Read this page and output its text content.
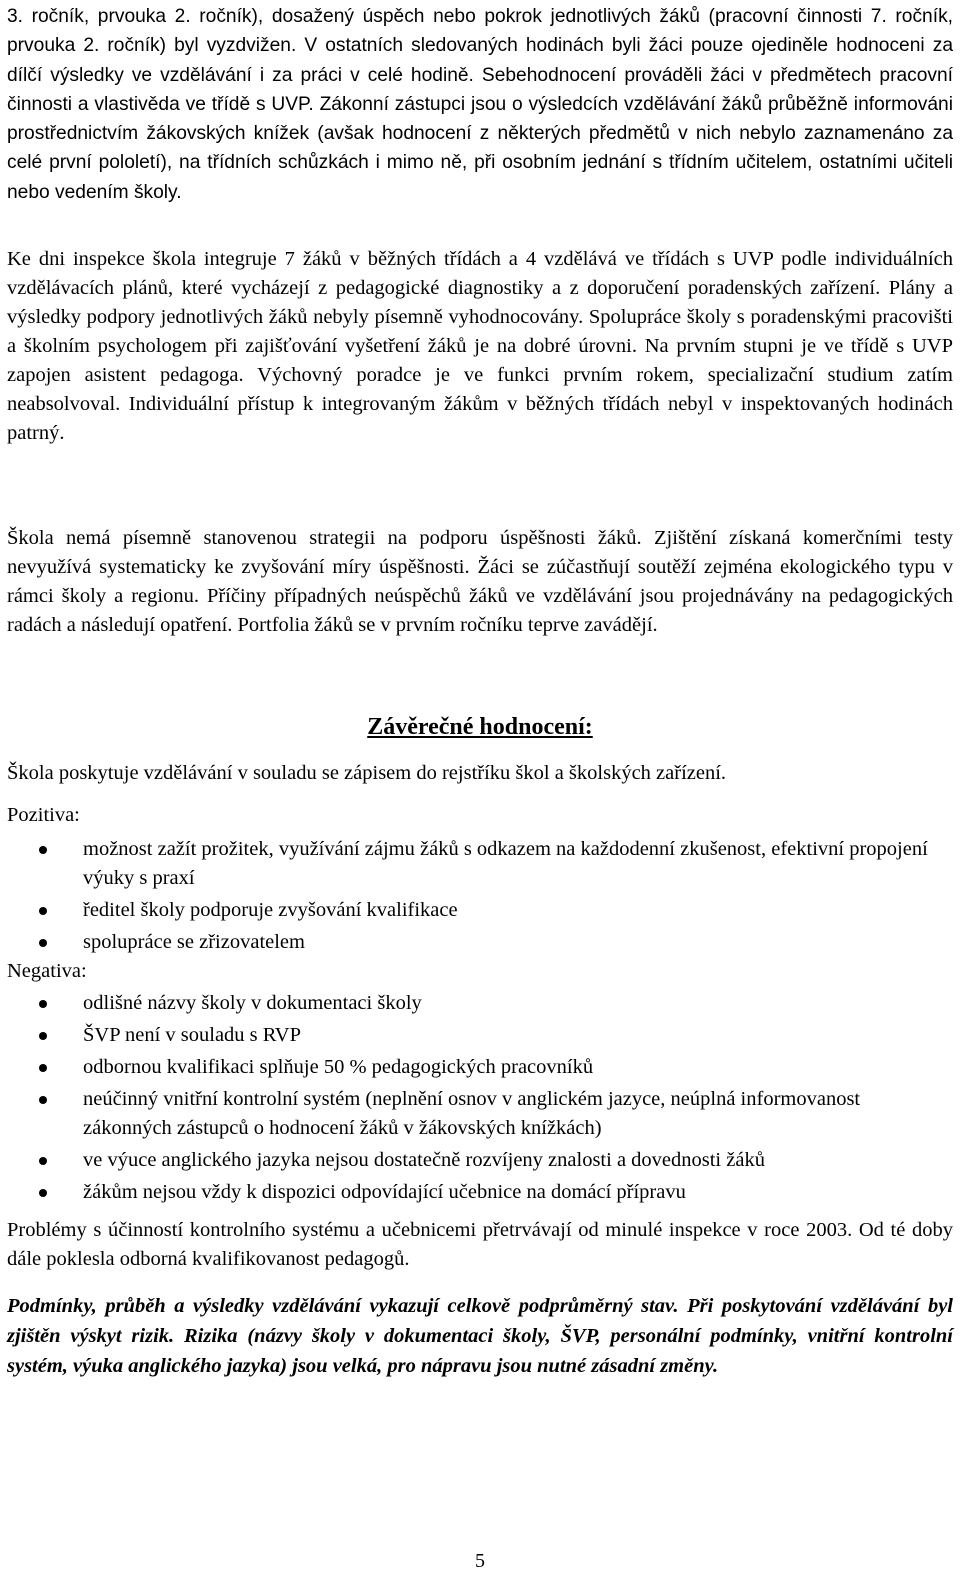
3. ročník, prvouka 2. ročník), dosažený úspěch nebo pokrok jednotlivých žáků (pracovní činnosti 7. ročník, prvouka 2. ročník) byl vyzdvižen. V ostatních sledovaných hodinách byli žáci pouze ojediněle hodnoceni za dílčí výsledky ve vzdělávání i za práci v celé hodině. Sebehodnocení prováděli žáci v předmětech pracovní činnosti a vlastivěda ve třídě s UVP. Zákonní zástupci jsou o výsledcích vzdělávání žáků průběžně informováni prostřednictvím žákovských knížek (avšak hodnocení z některých předmětů v nich nebylo zaznamenáno za celé první pololetí), na třídních schůzkách i mimo ně, při osobním jednání s třídním učitelem, ostatními učiteli nebo vedením školy.

Ke dni inspekce škola integruje 7 žáků v běžných třídách a 4 vzdělává ve třídách s UVP podle individuálních vzdělávacích plánů, které vycházejí z pedagogické diagnostiky a z doporučení poradenských zařízení. Plány a výsledky podpory jednotlivých žáků nebyly písemně vyhodnocovány. Spolupráce školy s poradenskými pracovišti a školním psychologem při zajišťování vyšetření žáků je na dobré úrovni. Na prvním stupni je ve třídě s UVP zapojen asistent pedagoga. Výchovný poradce je ve funkci prvním rokem, specializační studium zatím neabsolvoval. Individuální přístup k integrovaným žákům v běžných třídách nebyl v inspektovaných hodinách patrný.

Škola nemá písemně stanovenou strategii na podporu úspěšnosti žáků. Zjištění získaná komerčními testy nevyužívá systematicky ke zvyšování míry úspěšnosti. Žáci se zúčastňují soutěží zejména ekologického typu v rámci školy a regionu. Příčiny případných neúspěchů žáků ve vzdělávání jsou projednávány na pedagogických radách a následují opatření. Portfolia žáků se v prvním ročníku teprve zavádějí.

Závěrečné hodnocení:

Škola poskytuje vzdělávání v souladu se zápisem do rejstříku škol a školských zařízení.

Pozitiva:
možnost zažít prožitek, využívání zájmu žáků s odkazem na každodenní zkušenost, efektivní propojení výuky s praxí
ředitel školy podporuje zvyšování kvalifikace
spolupráce se zřizovatelem
Negativa:
odlišné názvy školy v dokumentaci školy
ŠVP není v souladu s RVP
odbornou kvalifikaci splňuje 50 % pedagogických pracovníků
neúčinný vnitřní kontrolní systém (neplnění osnov v anglickém jazyce, neúplná informovanost zákonných zástupců o hodnocení žáků v žákovských knížkách)
ve výuce anglického jazyka nejsou dostatečně rozvíjeny znalosti a dovednosti žáků
žákům nejsou vždy k dispozici odpovídající učebnice na domácí přípravu

Problémy s účinností kontrolního systému a učebnicemi přetrvávají od minulé inspekce v roce 2003. Od té doby dále poklesla odborná kvalifikovanost pedagogů.

Podmínky, průběh a výsledky vzdělávání vykazují celkově podprůměrný stav. Při poskytování vzdělávání byl zjištěn výskyt rizik. Rizika (názvy školy v dokumentaci školy, ŠVP, personální podmínky, vnitřní kontrolní systém, výuka anglického jazyka) jsou velká, pro nápravu jsou nutné zásadní změny.

5
